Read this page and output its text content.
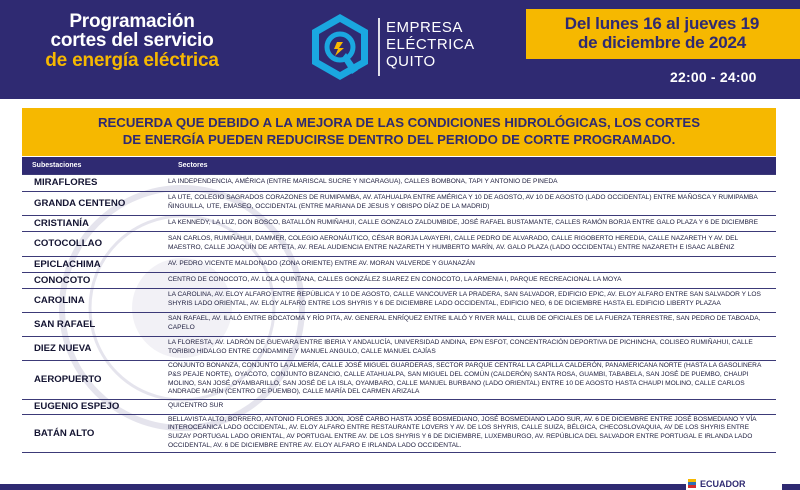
Programación
cortes del servicio
de energía eléctrica
EMPRESA
ELÉCTRICA
QUITO
Del lunes 16 al jueves 19
de diciembre de 2024
22:00 - 24:00
RECUERDA QUE DEBIDO A LA MEJORA DE LAS CONDICIONES HIDROLÓGICAS, LOS CORTES
DE ENERGÍA PUEDEN REDUCIRSE DENTRO DEL PERIODO DE CORTE PROGRAMADO.
Subestaciones	Sectores
MIRAFLORES	LA INDEPENDENCIA, AMÉRICA (ENTRE MARISCAL SUCRE Y NICARAGUA), CALLES BOMBONA, TAPI Y ANTONIO DE PINEDA
GRANDA CENTENO	LA UTE, COLEGIO SAGRADOS CORAZONES DE RUMIPAMBA, AV. ATAHUALPA ENTRE AMÉRICA Y 10 DE AGOSTO, AV 10 DE AGOSTO (LADO OCCIDENTAL) ENTRE MAÑOSCA Y RUMIPAMBA ÑINGUILLA, UTE, EMASEO, OCCIDENTAL (ENTRE MARIANA DE JESUS Y OBISPO DÍAZ DE LA MADRID)
CRISTIANÍA	LA KENNEDY, LA LUZ, DON BOSCO, BATALLÓN RUMIÑAHUI, CALLE GONZALO ZALDUMBIDE, JOSÉ RAFAEL BUSTAMANTE, CALLES RAMÓN BORJA ENTRE GALO PLAZA Y 6 DE DICIEMBRE
COTOCOLLAO	SAN CARLOS, RUMIÑAHUI, DAMMER, COLEGIO AERONÁUTICO, CÉSAR BORJA LAVAYERI, CALLE PEDRO DE ALVARADO, CALLE RIGOBERTO HEREDIA, CALLE NAZARETH Y AV. DEL MAESTRO, CALLE JOAQUÍN DE ARTETA, AV. REAL AUDIENCIA ENTRE NAZARETH Y HUMBERTO MARÍN, AV. GALO PLAZA (LADO OCCIDENTAL) ENTRE NAZARETH E ISAAC ALBÉNIZ
EPICLACHIMA	AV. PEDRO VICENTE MALDONADO (ZONA ORIENTE) ENTRE AV. MORAN VALVERDE Y GUANAZÁN
CONOCOTO	CENTRO DE CONOCOTO, AV. LOLA QUINTANA, CALLES GONZÁLEZ SUAREZ EN CONOCOTO, LA ARMENIA I, PARQUE RECREACIONAL LA MOYA
CAROLINA	LA CAROLINA, AV. ELOY ALFARO ENTRE REPÚBLICA Y 10 DE AGOSTO, CALLE VANCOUVER LA PRADERA, SAN SALVADOR, EDIFICIO EPIC, AV. ELOY ALFARO ENTRE SAN SALVADOR Y LOS SHYRIS LADO ORIENTAL, AV. ELOY ALFARO ENTRE LOS SHYRIS Y 6 DE DICIEMBRE LADO OCCIDENTAL, EDIFICIO NEO, 6 DE DICIEMBRE HASTA EL EDIFICIO LIBERTY PLAZAA
SAN RAFAEL	SAN RAFAEL, AV. ILALÓ ENTRE BOCATOMA Y RÍO PITA, AV. GENERAL ENRÍQUEZ ENTRE ILALÓ Y RIVER MALL, CLUB DE OFICIALES DE LA FUERZA TERRESTRE, SAN PEDRO DE TABOADA, CAPELO
DIEZ NUEVA	LA FLORESTA, AV. LADRÓN DE GUEVARA ENTRE IBERIA Y ANDALUCÍA, UNIVERSIDAD ANDINA, EPN ESFOT, CONCENTRACIÓN DEPORTIVA DE PICHINCHA, COLISEO RUMIÑAHUI, CALLE TORIBIO HIDALGO ENTRE CONDAMINE Y MANUEL ANGULO, CALLE MANUEL CAJÍAS
AEROPUERTO	CONJUNTO BONANZA, CONJUNTO LA ALMERÍA, CALLE JOSÉ MIGUEL GUARDERAS, SECTOR PARQUE CENTRAL LA CAPILLA CALDERÓN, PANAMERICANA NORTE (HASTA LA GASOLINERA P&S PEAJE NORTE), OYACOTO, CONJUNTO BIZANCIO, CALLE ATAHUALPA, SAN MIGUEL DEL COMÚN (CALDERÓN) SANTA ROSA, GUAMBI, TABABELA, SAN JOSÉ DE PUEMBO, CHAUPI MOLINO, SAN JOSÉ OYAMBARILLO, SAN JOSÉ DE LA ISLA, OYAMBARO, CALLE MANUEL BURBANO (LADO ORIENTAL) ENTRE 10 DE AGOSTO HASTA CHAUPI MOLINO, CALLE CARLOS ANDRADE MARÍN (CENTRO DE PUEMBO), CALLE MARÍA DEL CARMEN ARIZALA
EUGENIO ESPEJO	QUICENTRO SUR
BATÁN ALTO	BELLAVISTA ALTO, BORRERO, ANTONIO FLORES JIJON, JOSÉ CARBO HASTA JOSÉ BOSMEDIANO, JOSÉ BOSMEDIANO LADO SUR, AV. 6 DE DICIEMBRE ENTRE JOSÉ BOSMEDIANO Y VÍA INTEROCEANICA LADO OCCIDENTAL, AV. ELOY ALFARO ENTRE RESTAURANTE LOVERS Y AV. DE LOS SHYRIS, CALLE SUIZA, BÉLGICA, CHECOSLOVAQUIA, AV DE LOS SHYRIS ENTRE SUIZAY PORTUGAL LADO ORIENTAL, AV PORTUGAL ENTRE AV. DE LOS SHYRIS Y 6 DE DICIEMBRE, LUXEMBURGO, AV. REPÚBLICA DEL SALVADOR ENTRE PORTUGAL E IRLANDA LADO OCCIDENTAL, AV. 6 DE DICIEMBRE ENTRE AV. ELOY ALFARO E IRLANDA LADO OCCIDENTAL.
ECUADOR
